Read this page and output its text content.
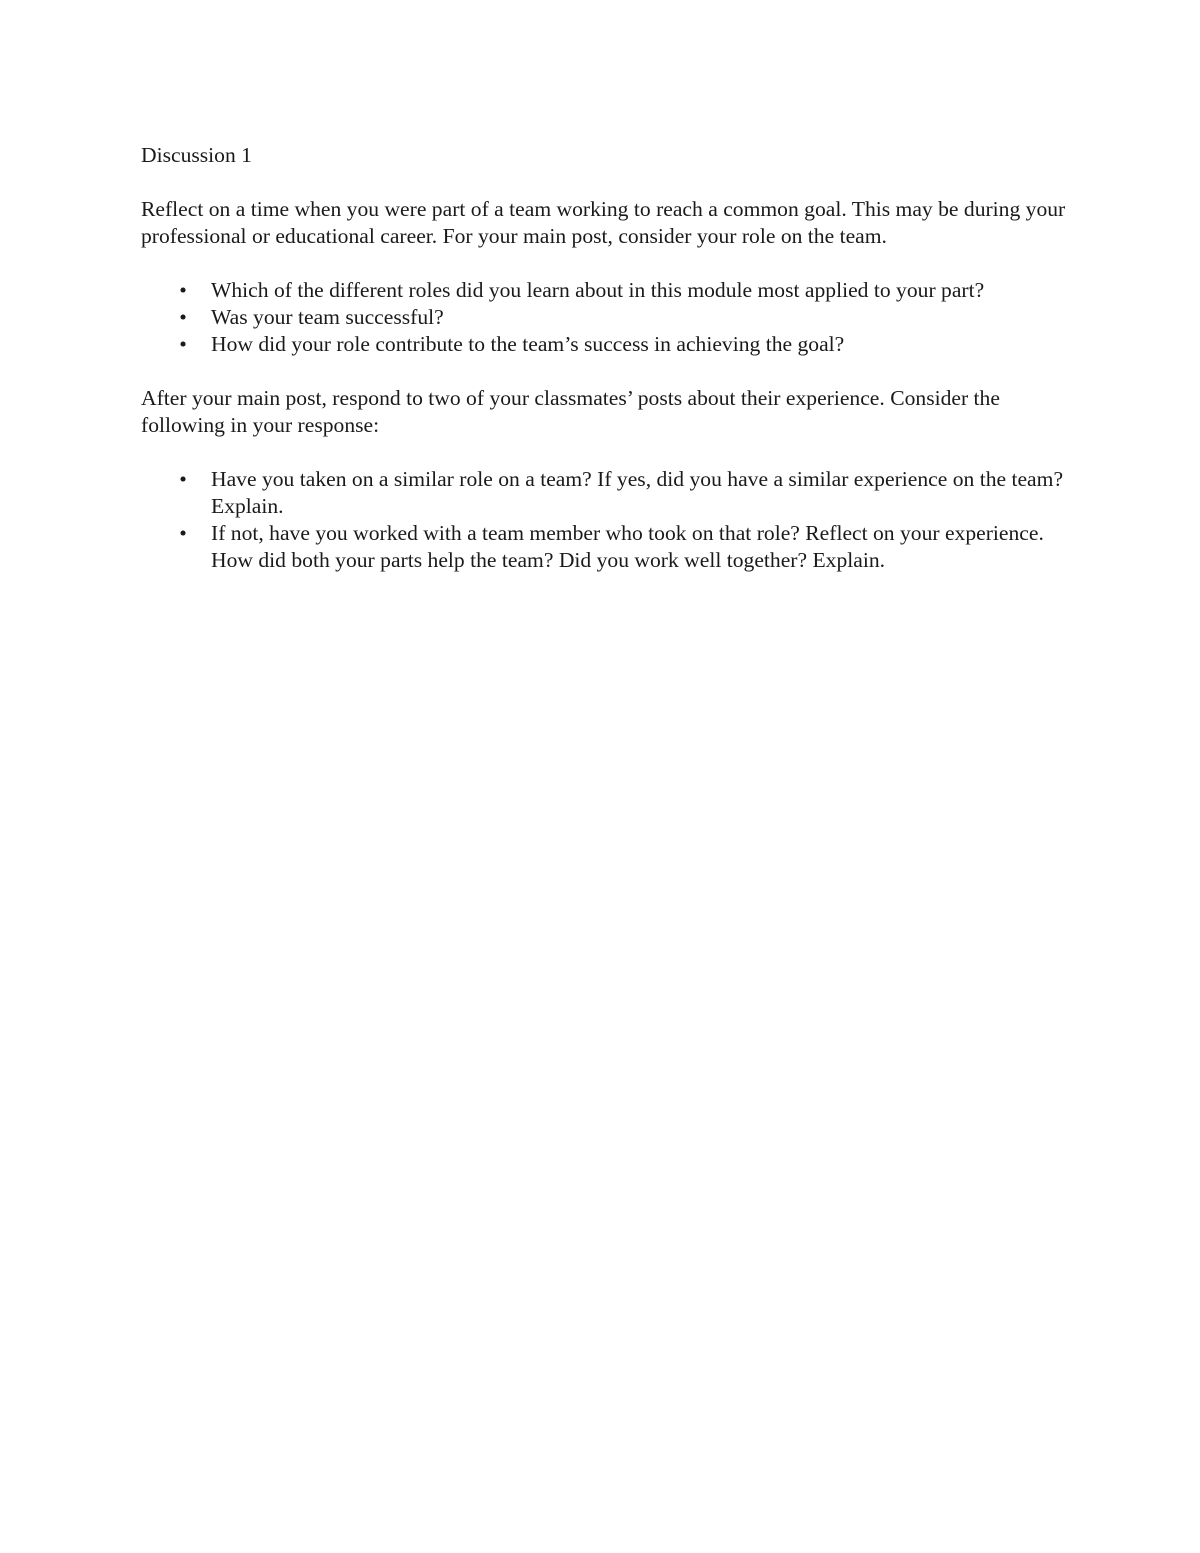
Discussion 1

Reflect on a time when you were part of a team working to reach a common goal. This may be during your professional or educational career. For your main post, consider your role on the team.

• Which of the different roles did you learn about in this module most applied to your part?
• Was your team successful?
• How did your role contribute to the team’s success in achieving the goal?

After your main post, respond to two of your classmates’ posts about their experience. Consider the following in your response:

• Have you taken on a similar role on a team? If yes, did you have a similar experience on the team? Explain.
• If not, have you worked with a team member who took on that role? Reflect on your experience. How did both your parts help the team? Did you work well together? Explain.
